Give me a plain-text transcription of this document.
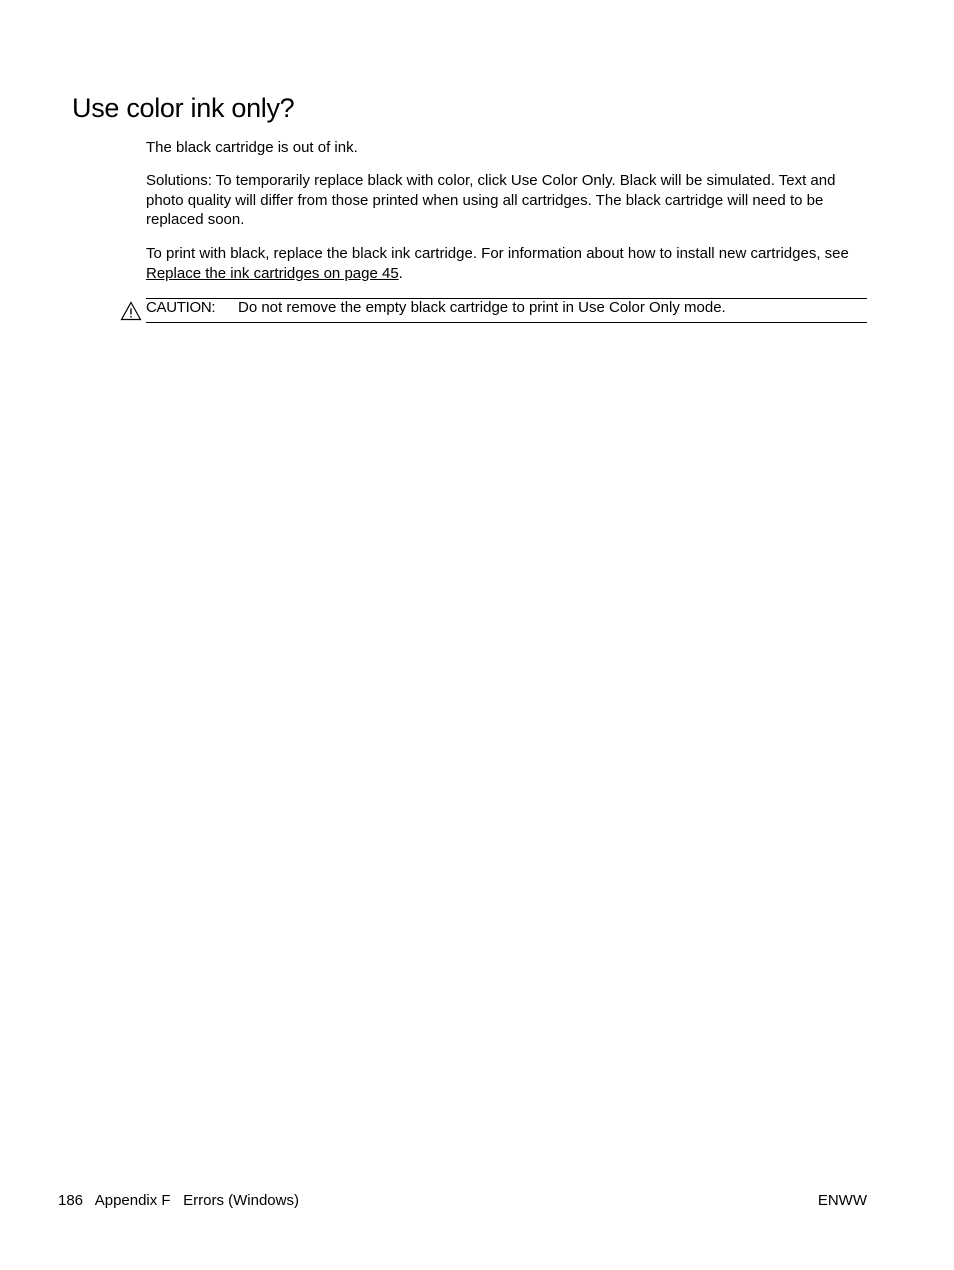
Use color ink only?

The black cartridge is out of ink.

Solutions: To temporarily replace black with color, click Use Color Only. Black will be simulated. Text and photo quality will differ from those printed when using all cartridges. The black cartridge will need to be replaced soon.

To print with black, replace the black ink cartridge. For information about how to install new cartridges, see Replace the ink cartridges on page 45.

CAUTION: Do not remove the empty black cartridge to print in Use Color Only mode.
186 Appendix F Errors (Windows)	ENWW
